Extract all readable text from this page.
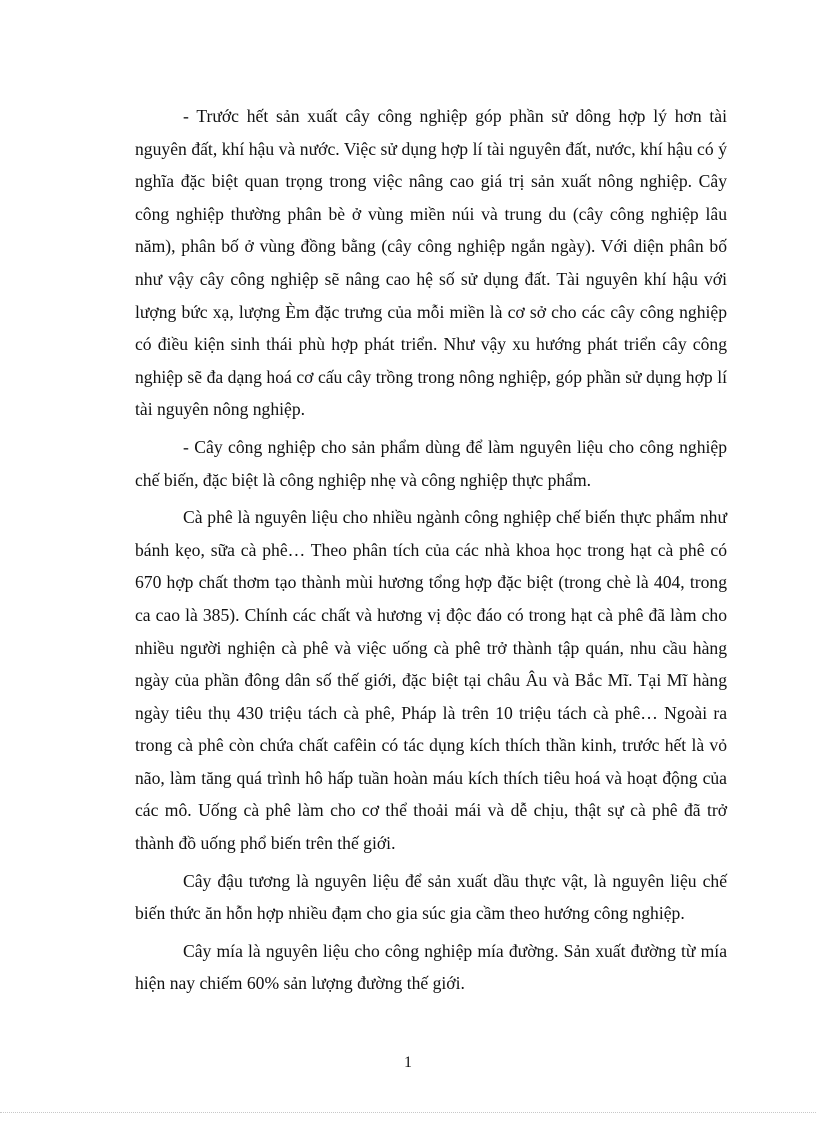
- Trước hết sản xuất cây công nghiệp góp phần sử dông hợp lý hơn tài nguyên đất, khí hậu và nước. Việc sử dụng hợp lí tài nguyên đất, nước, khí hậu có ý nghĩa đặc biệt quan trọng trong việc nâng cao giá trị sản xuất nông nghiệp. Cây công nghiệp thường phân bè ở vùng miền núi và trung du (cây công nghiệp lâu năm), phân bố ở vùng đồng bằng (cây công nghiệp ngắn ngày). Với diện phân bố như vậy cây công nghiệp sẽ nâng cao hệ số sử dụng đất. Tài nguyên khí hậu với lượng bức xạ, lượng Èm đặc trưng của mỗi miền là cơ sở cho các cây công nghiệp có điều kiện sinh thái phù hợp phát triển. Như vậy xu hướng phát triển cây công nghiệp sẽ đa dạng hoá cơ cấu cây trồng trong nông nghiệp, góp phần sử dụng hợp lí tài nguyên nông nghiệp.

- Cây công nghiệp cho sản phẩm dùng để làm nguyên liệu cho công nghiệp chế biến, đặc biệt là công nghiệp nhẹ và công nghiệp thực phẩm.

Cà phê là nguyên liệu cho nhiều ngành công nghiệp chế biến thực phẩm như bánh kẹo, sữa cà phê… Theo phân tích của các nhà khoa học trong hạt cà phê có 670 hợp chất thơm tạo thành mùi hương tổng hợp đặc biệt (trong chè là 404, trong ca cao là 385). Chính các chất và hương vị độc đáo có trong hạt cà phê đã làm cho nhiều người nghiện cà phê và việc uống cà phê trở thành tập quán, nhu cầu hàng ngày của phần đông dân số thế giới, đặc biệt tại châu Âu và Bắc Mĩ. Tại Mĩ hàng ngày tiêu thụ 430 triệu tách cà phê, Pháp là trên 10 triệu tách cà phê… Ngoài ra trong cà phê còn chứa chất cafêin có tác dụng kích thích thần kinh, trước hết là vỏ não, làm tăng quá trình hô hấp tuần hoàn máu kích thích tiêu hoá và hoạt động của các mô. Uống cà phê làm cho cơ thể thoải mái và dễ chịu, thật sự cà phê đã trở thành đồ uống phổ biến trên thế giới.

Cây đậu tương là nguyên liệu để sản xuất dầu thực vật, là nguyên liệu chế biến thức ăn hỗn hợp nhiều đạm cho gia súc gia cầm theo hướng công nghiệp.

Cây mía là nguyên liệu cho công nghiệp mía đường. Sản xuất đường từ mía hiện nay chiếm 60% sản lượng đường thế giới.

1
